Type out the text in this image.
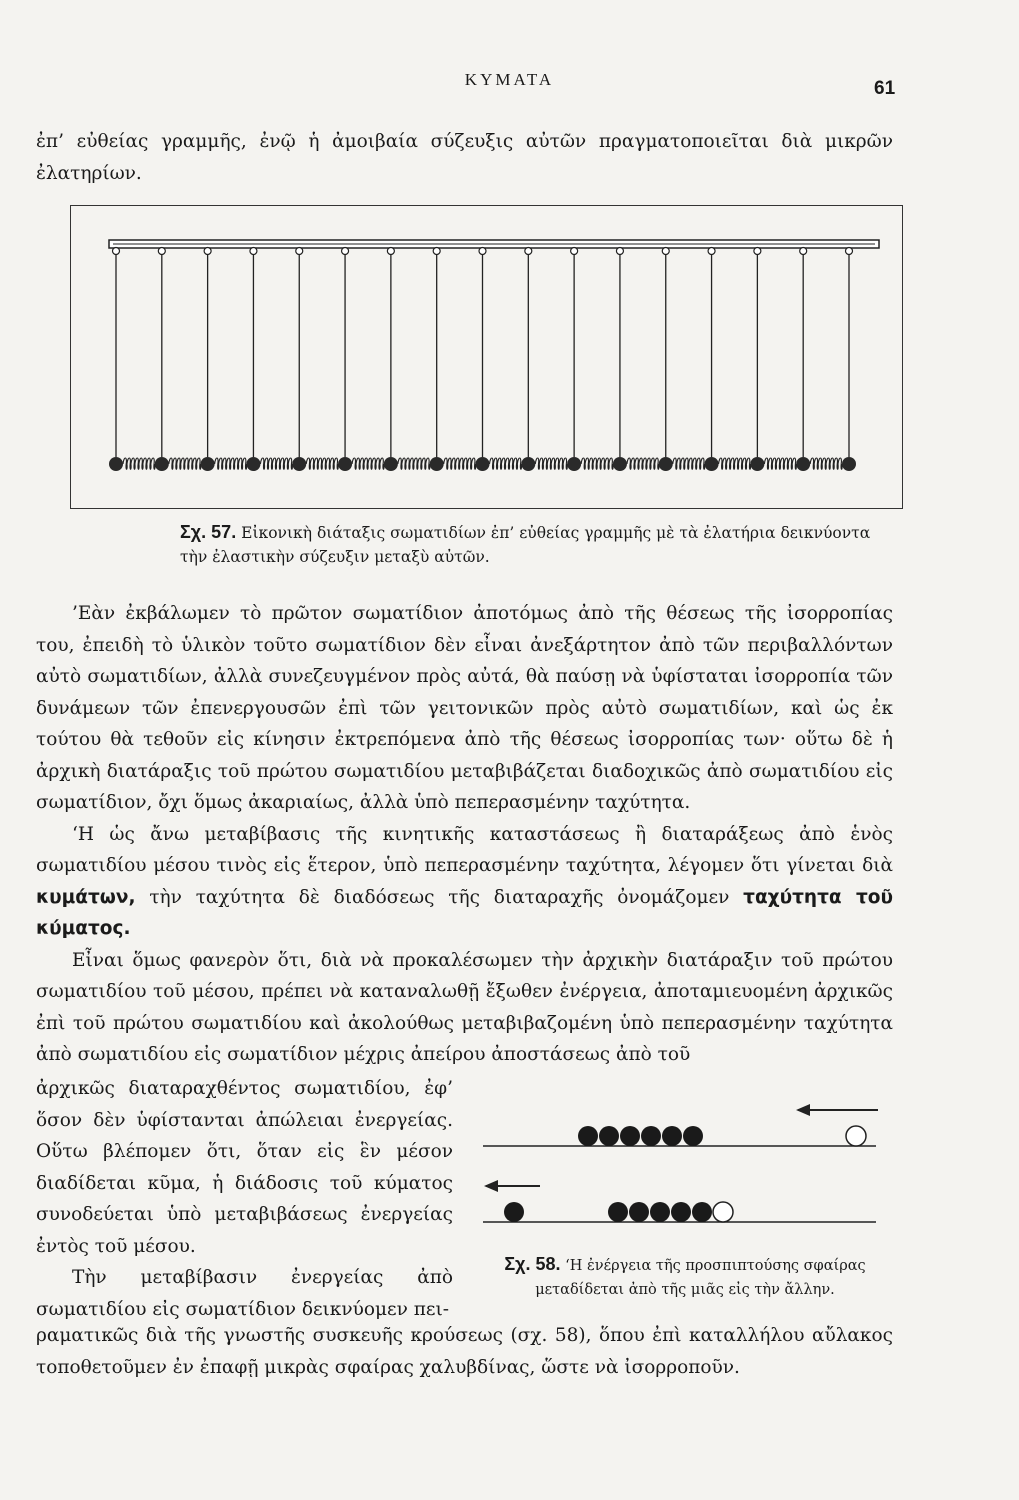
ΚΥΜΑΤΑ	61

ἐπ’ εὐθείας γραμμῆς, ἐνῷ ἡ ἀμοιβαία σύζευξις αὐτῶν πραγματοποιεῖται διὰ μικρῶν ἐλατηρίων.

Σχ. 57. Εἰκονικὴ διάταξις σωματιδίων ἐπ’ εὐθείας γραμμῆς μὲ τὰ ἐλατήρια δεικνύοντα τὴν ἐλαστικὴν σύζευξιν μεταξὺ αὐτῶν.

’Εὰν ἐκβάλωμεν τὸ πρῶτον σωματίδιον ἀποτόμως ἀπὸ τῆς θέσεως τῆς ἰσορροπίας του, ἐπειδὴ τὸ ὑλικὸν τοῦτο σωματίδιον δὲν εἶναι ἀνεξάρτητον ἀπὸ τῶν περιβαλλόντων αὐτὸ σωματιδίων, ἀλλὰ συνεζευγμένον πρὸς αὐτά, θὰ παύσῃ νὰ ὑφίσταται ἰσορροπία τῶν δυνάμεων τῶν ἐπενεργουσῶν ἐπὶ τῶν γειτονικῶν πρὸς αὐτὸ σωματιδίων, καὶ ὡς ἐκ τούτου θὰ τεθοῦν εἰς κίνησιν ἐκτρεπόμενα ἀπὸ τῆς θέσεως ἰσορροπίας των· οὕτω δὲ ἡ ἀρχικὴ διατάραξις τοῦ πρώτου σωματιδίου μεταβιβάζεται διαδοχικῶς ἀπὸ σωματιδίου εἰς σωματίδιον, ὄχι ὅμως ἀκαριαίως, ἀλλὰ ὑπὸ πεπερασμένην ταχύτητα.

‘Η ὡς ἄνω μεταβίβασις τῆς κινητικῆς καταστάσεως ἢ διαταράξεως ἀπὸ ἑνὸς σωματιδίου μέσου τινὸς εἰς ἕτερον, ὑπὸ πεπερασμένην ταχύτητα, λέγομεν ὅτι γίνεται διὰ κυμάτων, τὴν ταχύτητα δὲ διαδόσεως τῆς διαταραχῆς ὀνομάζομεν ταχύτητα τοῦ κύματος.

Εἶναι ὅμως φανερὸν ὅτι, διὰ νὰ προκαλέσωμεν τὴν ἀρχικὴν διατάραξιν τοῦ πρώτου σωματιδίου τοῦ μέσου, πρέπει νὰ καταναλωθῇ ἔξωθεν ἐνέργεια, ἀποταμιευομένη ἀρχικῶς ἐπὶ τοῦ πρώτου σωματιδίου καὶ ἀκολούθως μεταβιβαζομένη ὑπὸ πεπερασμένην ταχύτητα ἀπὸ σωματιδίου εἰς σωματίδιον μέχρις ἀπείρου ἀποστάσεως ἀπὸ τοῦ

ἀρχικῶς διαταραχθέντος σωματιδίου, ἐφ’ ὅσον δὲν ὑφίστανται ἀπώλειαι ἐνεργείας. Οὕτω βλέπομεν ὅτι, ὅταν εἰς ἓν μέσον διαδίδεται κῦμα, ἡ διάδοσις τοῦ κύματος συνοδεύεται ὑπὸ μεταβιβάσεως ἐνεργείας ἐντὸς τοῦ μέσου.

Τὴν μεταβίβασιν ἐνεργείας ἀπὸ σωματιδίου εἰς σωματίδιον δεικνύομεν πει-

Σχ. 58. ‘Η ἐνέργεια τῆς προσπιπτούσης σφαίρας μεταδίδεται ἀπὸ τῆς μιᾶς εἰς τὴν ἄλλην.

ραματικῶς διὰ τῆς γνωστῆς συσκευῆς κρούσεως (σχ. 58), ὅπου ἐπὶ καταλλήλου αὔλακος τοποθετοῦμεν ἐν ἐπαφῇ μικρὰς σφαίρας χαλυβδίνας, ὥστε νὰ ἰσορροποῦν.
